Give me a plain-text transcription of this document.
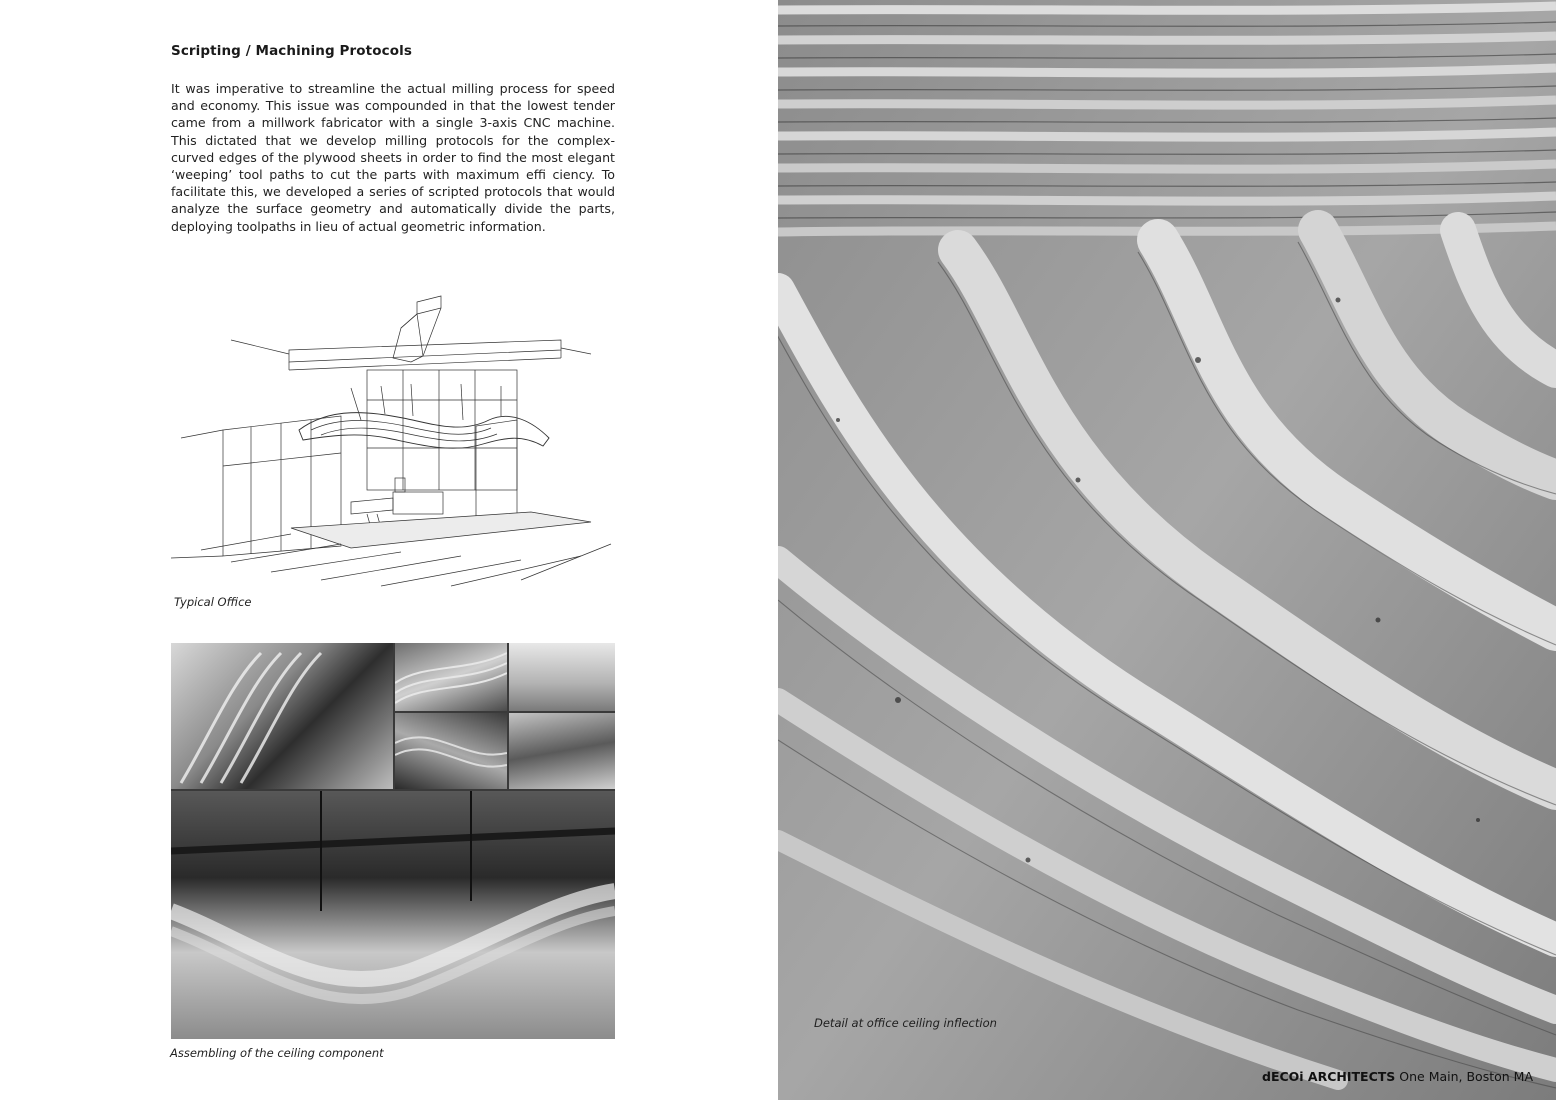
Scripting / Machining Protocols
It was imperative to streamline the actual milling process for speed and economy. This issue was compounded in that the lowest tender came from a millwork fabricator with a single 3-axis CNC machine. This dictated that we develop milling protocols for the complex-curved edges of the plywood sheets in order to find the most elegant ‘weeping’ tool paths to cut the parts with maximum effi ciency. To facilitate this, we developed a series of scripted protocols that would analyze the surface geometry and automatically divide the parts, deploying toolpaths in lieu of actual geometric information.
Typical Office
Assembling of the ceiling component
Detail at office ceiling inflection
dECOi ARCHITECTS One Main, Boston MA
